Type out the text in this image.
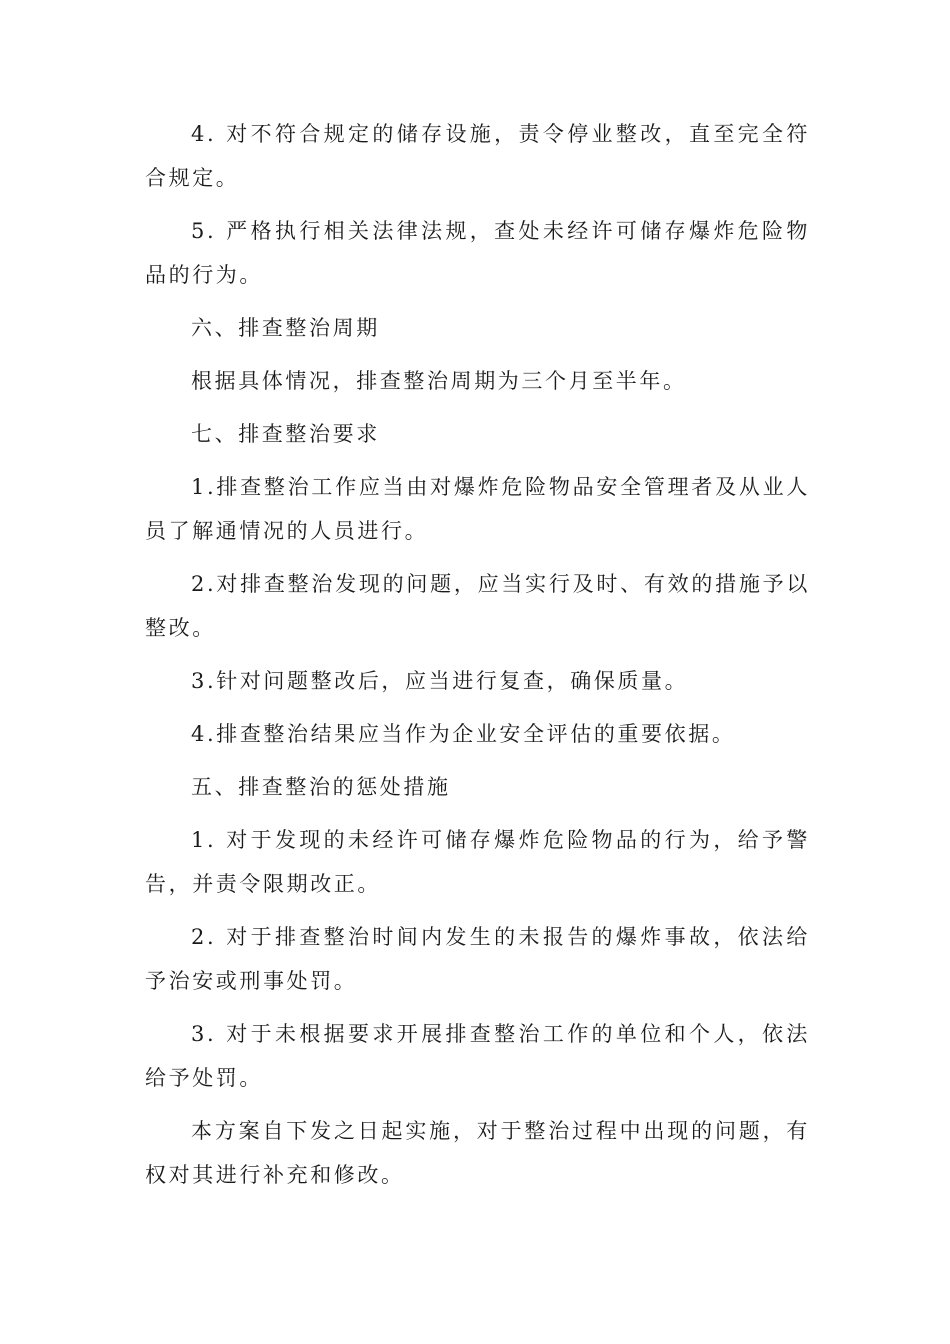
4. 对不符合规定的储存设施，责令停业整改，直至完全符合规定。

5. 严格执行相关法律法规，查处未经许可储存爆炸危险物品的行为。

六、排查整治周期

根据具体情况，排查整治周期为三个月至半年。

七、排查整治要求

1.排查整治工作应当由对爆炸危险物品安全管理者及从业人员了解通情况的人员进行。

2.对排查整治发现的问题，应当实行及时、有效的措施予以整改。

3.针对问题整改后，应当进行复查，确保质量。

4.排查整治结果应当作为企业安全评估的重要依据。

五、排查整治的惩处措施

1. 对于发现的未经许可储存爆炸危险物品的行为，给予警告，并责令限期改正。

2. 对于排查整治时间内发生的未报告的爆炸事故，依法给予治安或刑事处罚。

3. 对于未根据要求开展排查整治工作的单位和个人，依法给予处罚。

本方案自下发之日起实施，对于整治过程中出现的问题，有权对其进行补充和修改。
